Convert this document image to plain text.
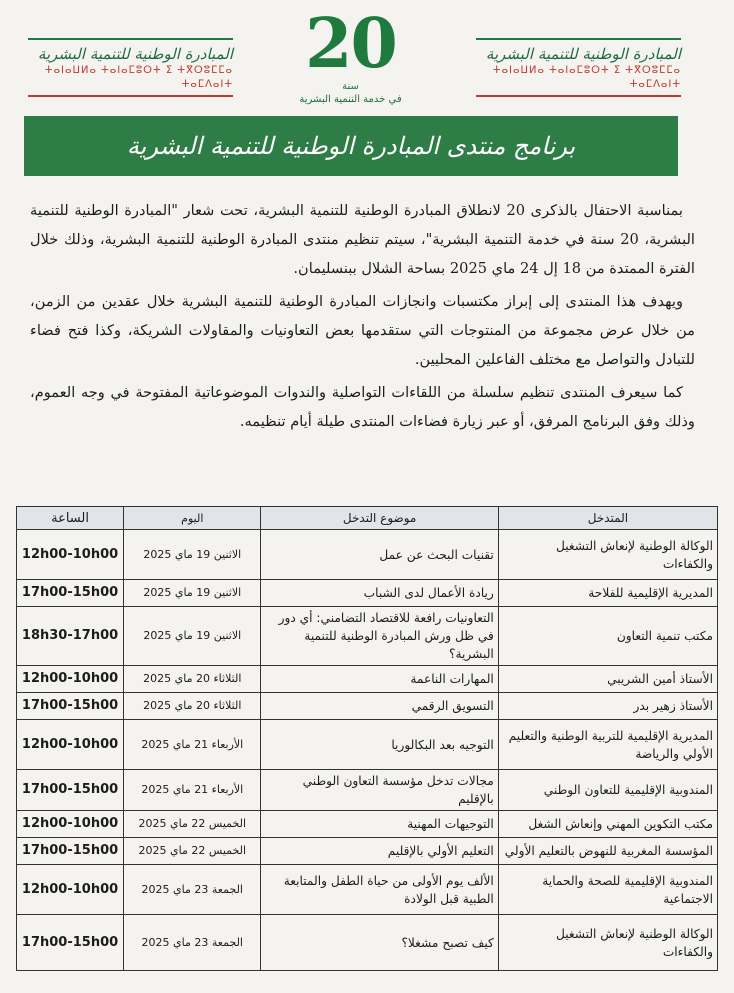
المبادرة الوطنية للتنمية البشرية
ⵜⴰⵏⴰⵡⵍⴰ ⵜⴰⵏⴰⵎⵓⵔⵜ ⵉ ⵜⴳⵔⵓⵎⵎⴰ ⵜⴰⵎⴷⴰⵏⵜ
المبادرة الوطنية للتنمية البشرية
ⵜⴰⵏⴰⵡⵍⴰ ⵜⴰⵏⴰⵎⵓⵔⵜ ⵉ ⵜⴳⵔⵓⵎⵎⴰ ⵜⴰⵎⴷⴰⵏⵜ
20
سنة
في خدمة التنمية البشرية
برنامج منتدى المبادرة الوطنية للتنمية البشرية

بمناسبة الاحتفال بالذكرى 20 لانطلاق المبادرة الوطنية للتنمية البشرية، تحت شعار "المبادرة الوطنية للتنمية البشرية، 20 سنة في خدمة التنمية البشرية"، سيتم تنظيم منتدى المبادرة الوطنية للتنمية البشرية، وذلك خلال الفترة الممتدة من 18 إل 24 ماي 2025 بساحة الشلال ببنسليمان.

ويهدف هذا المنتدى إلى إبراز مكتسبات وانجازات المبادرة الوطنية للتنمية البشرية خلال عقدين من الزمن، من خلال عرض مجموعة من المنتوجات التي ستقدمها بعض التعاونيات والمقاولات الشريكة، وكذا فتح فضاء للتبادل والتواصل مع مختلف الفاعلين المحليين.

كما سيعرف المنتدى تنظيم سلسلة من اللقاءات التواصلية والندوات الموضوعاتية المفتوحة في وجه العموم، وذلك وفق البرنامج المرفق، أو عبر زيارة فضاءات المنتدى طيلة أيام تنظيمه.

المتدخل	موضوع التدخل	اليوم	الساعة
الوكالة الوطنية لإنعاش التشغيل والكفاءات	تقنيات البحث عن عمل	الاثنين 19 ماي 2025	12h00-10h00
المديرية الإقليمية للفلاحة	ريادة الأعمال لدى الشباب	الاثنين 19 ماي 2025	17h00-15h00
مكتب تنمية التعاون	التعاونيات رافعة للاقتصاد التضامني: أي دور في ظل ورش المبادرة الوطنية للتنمية البشرية؟	الاثنين 19 ماي 2025	18h30-17h00
الأستاذ أمين الشريبي	المهارات الناعمة	الثلاثاء 20 ماي 2025	12h00-10h00
الأستاذ زهير بدر	التسويق الرقمي	الثلاثاء 20 ماي 2025	17h00-15h00
المديرية الإقليمية للتربية الوطنية والتعليم الأولي والرياضة	التوجيه بعد البكالوريا	الأربعاء 21 ماي 2025	12h00-10h00
المندوبية الإقليمية للتعاون الوطني	مجالات تدخل مؤسسة التعاون الوطني بالإقليم	الأربعاء 21 ماي 2025	17h00-15h00
مكتب التكوين المهني وإنعاش الشغل	التوجيهات المهنية	الخميس 22 ماي 2025	12h00-10h00
المؤسسة المغربية للنهوض بالتعليم الأولي	التعليم الأولي بالإقليم	الخميس 22 ماي 2025	17h00-15h00
المندوبية الإقليمية للصحة والحماية الاجتماعية	الألف يوم الأولى من حياة الطفل والمتابعة الطبية قبل الولادة	الجمعة 23 ماي 2025	12h00-10h00
الوكالة الوطنية لإنعاش التشغيل والكفاءات	كيف تصبح مشغلا؟	الجمعة 23 ماي 2025	17h00-15h00
